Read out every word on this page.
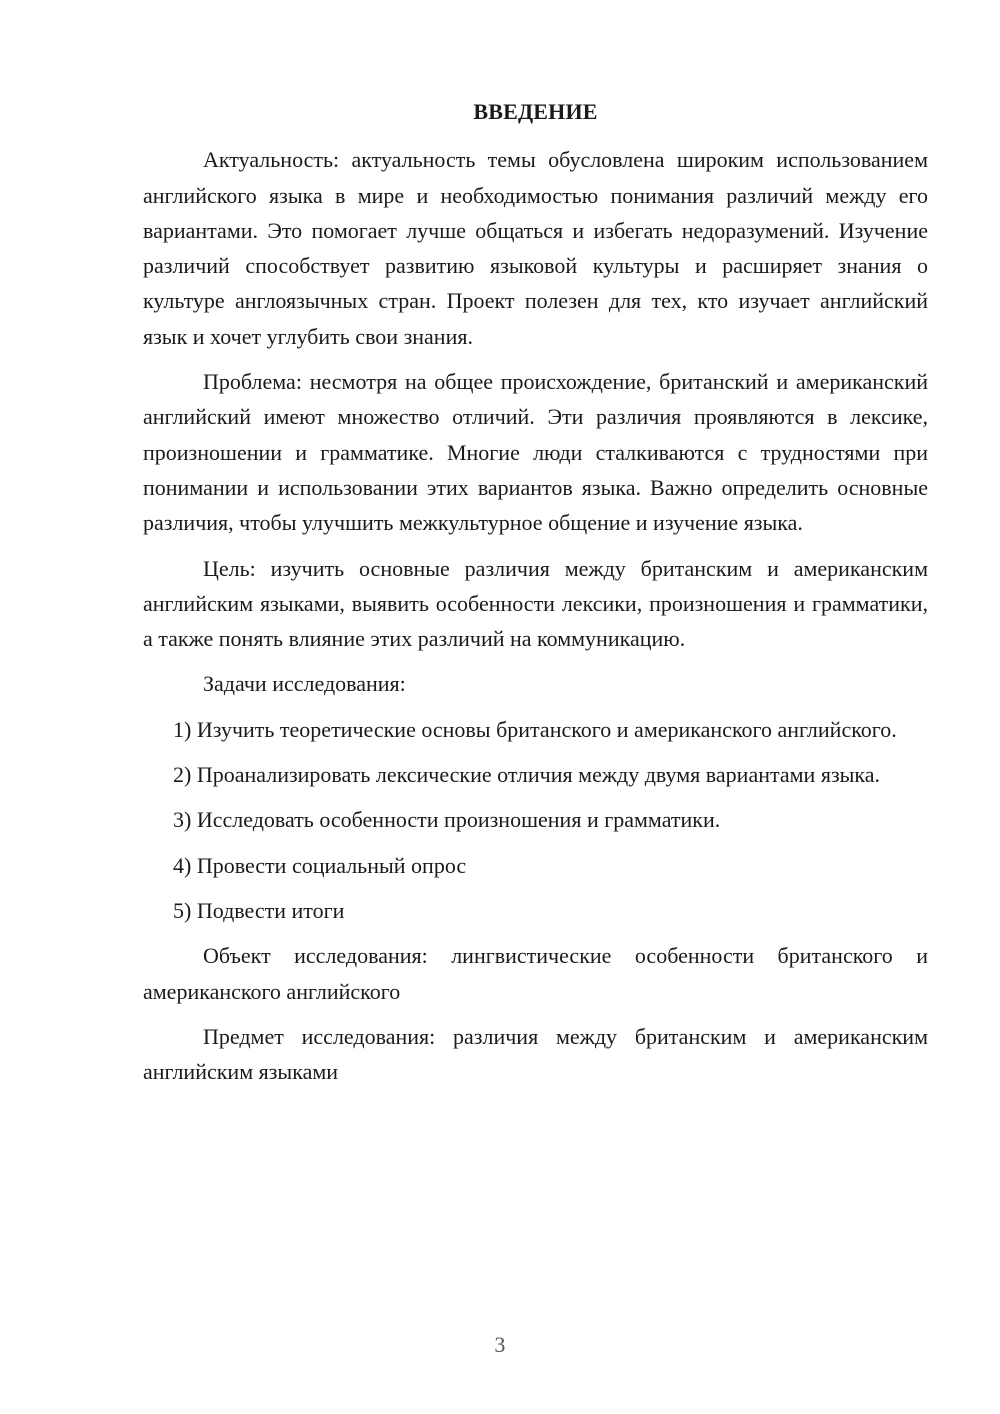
ВВЕДЕНИЕ

Актуальность: актуальность темы обусловлена широким использованием английского языка в мире и необходимостью понимания различий между его вариантами. Это помогает лучше общаться и избегать недоразумений. Изучение различий способствует развитию языковой культуры и расширяет знания о культуре англоязычных стран. Проект полезен для тех, кто изучает английский язык и хочет углубить свои знания.

Проблема: несмотря на общее происхождение, британский и американский английский имеют множество отличий. Эти различия проявляются в лексике, произношении и грамматике. Многие люди сталкиваются с трудностями при понимании и использовании этих вариантов языка. Важно определить основные различия, чтобы улучшить межкультурное общение и изучение языка.

Цель: изучить основные различия между британским и американским английским языками, выявить особенности лексики, произношения и грамматики, а также понять влияние этих различий на коммуникацию.

Задачи исследования:

1) Изучить теоретические основы британского и американского английского.

2) Проанализировать лексические отличия между двумя вариантами языка.

3) Исследовать особенности произношения и грамматики.

4) Провести социальный опрос

5) Подвести итоги

Объект исследования: лингвистические особенности британского и американского английского

Предмет исследования: различия между британским и американским английским языками

3
